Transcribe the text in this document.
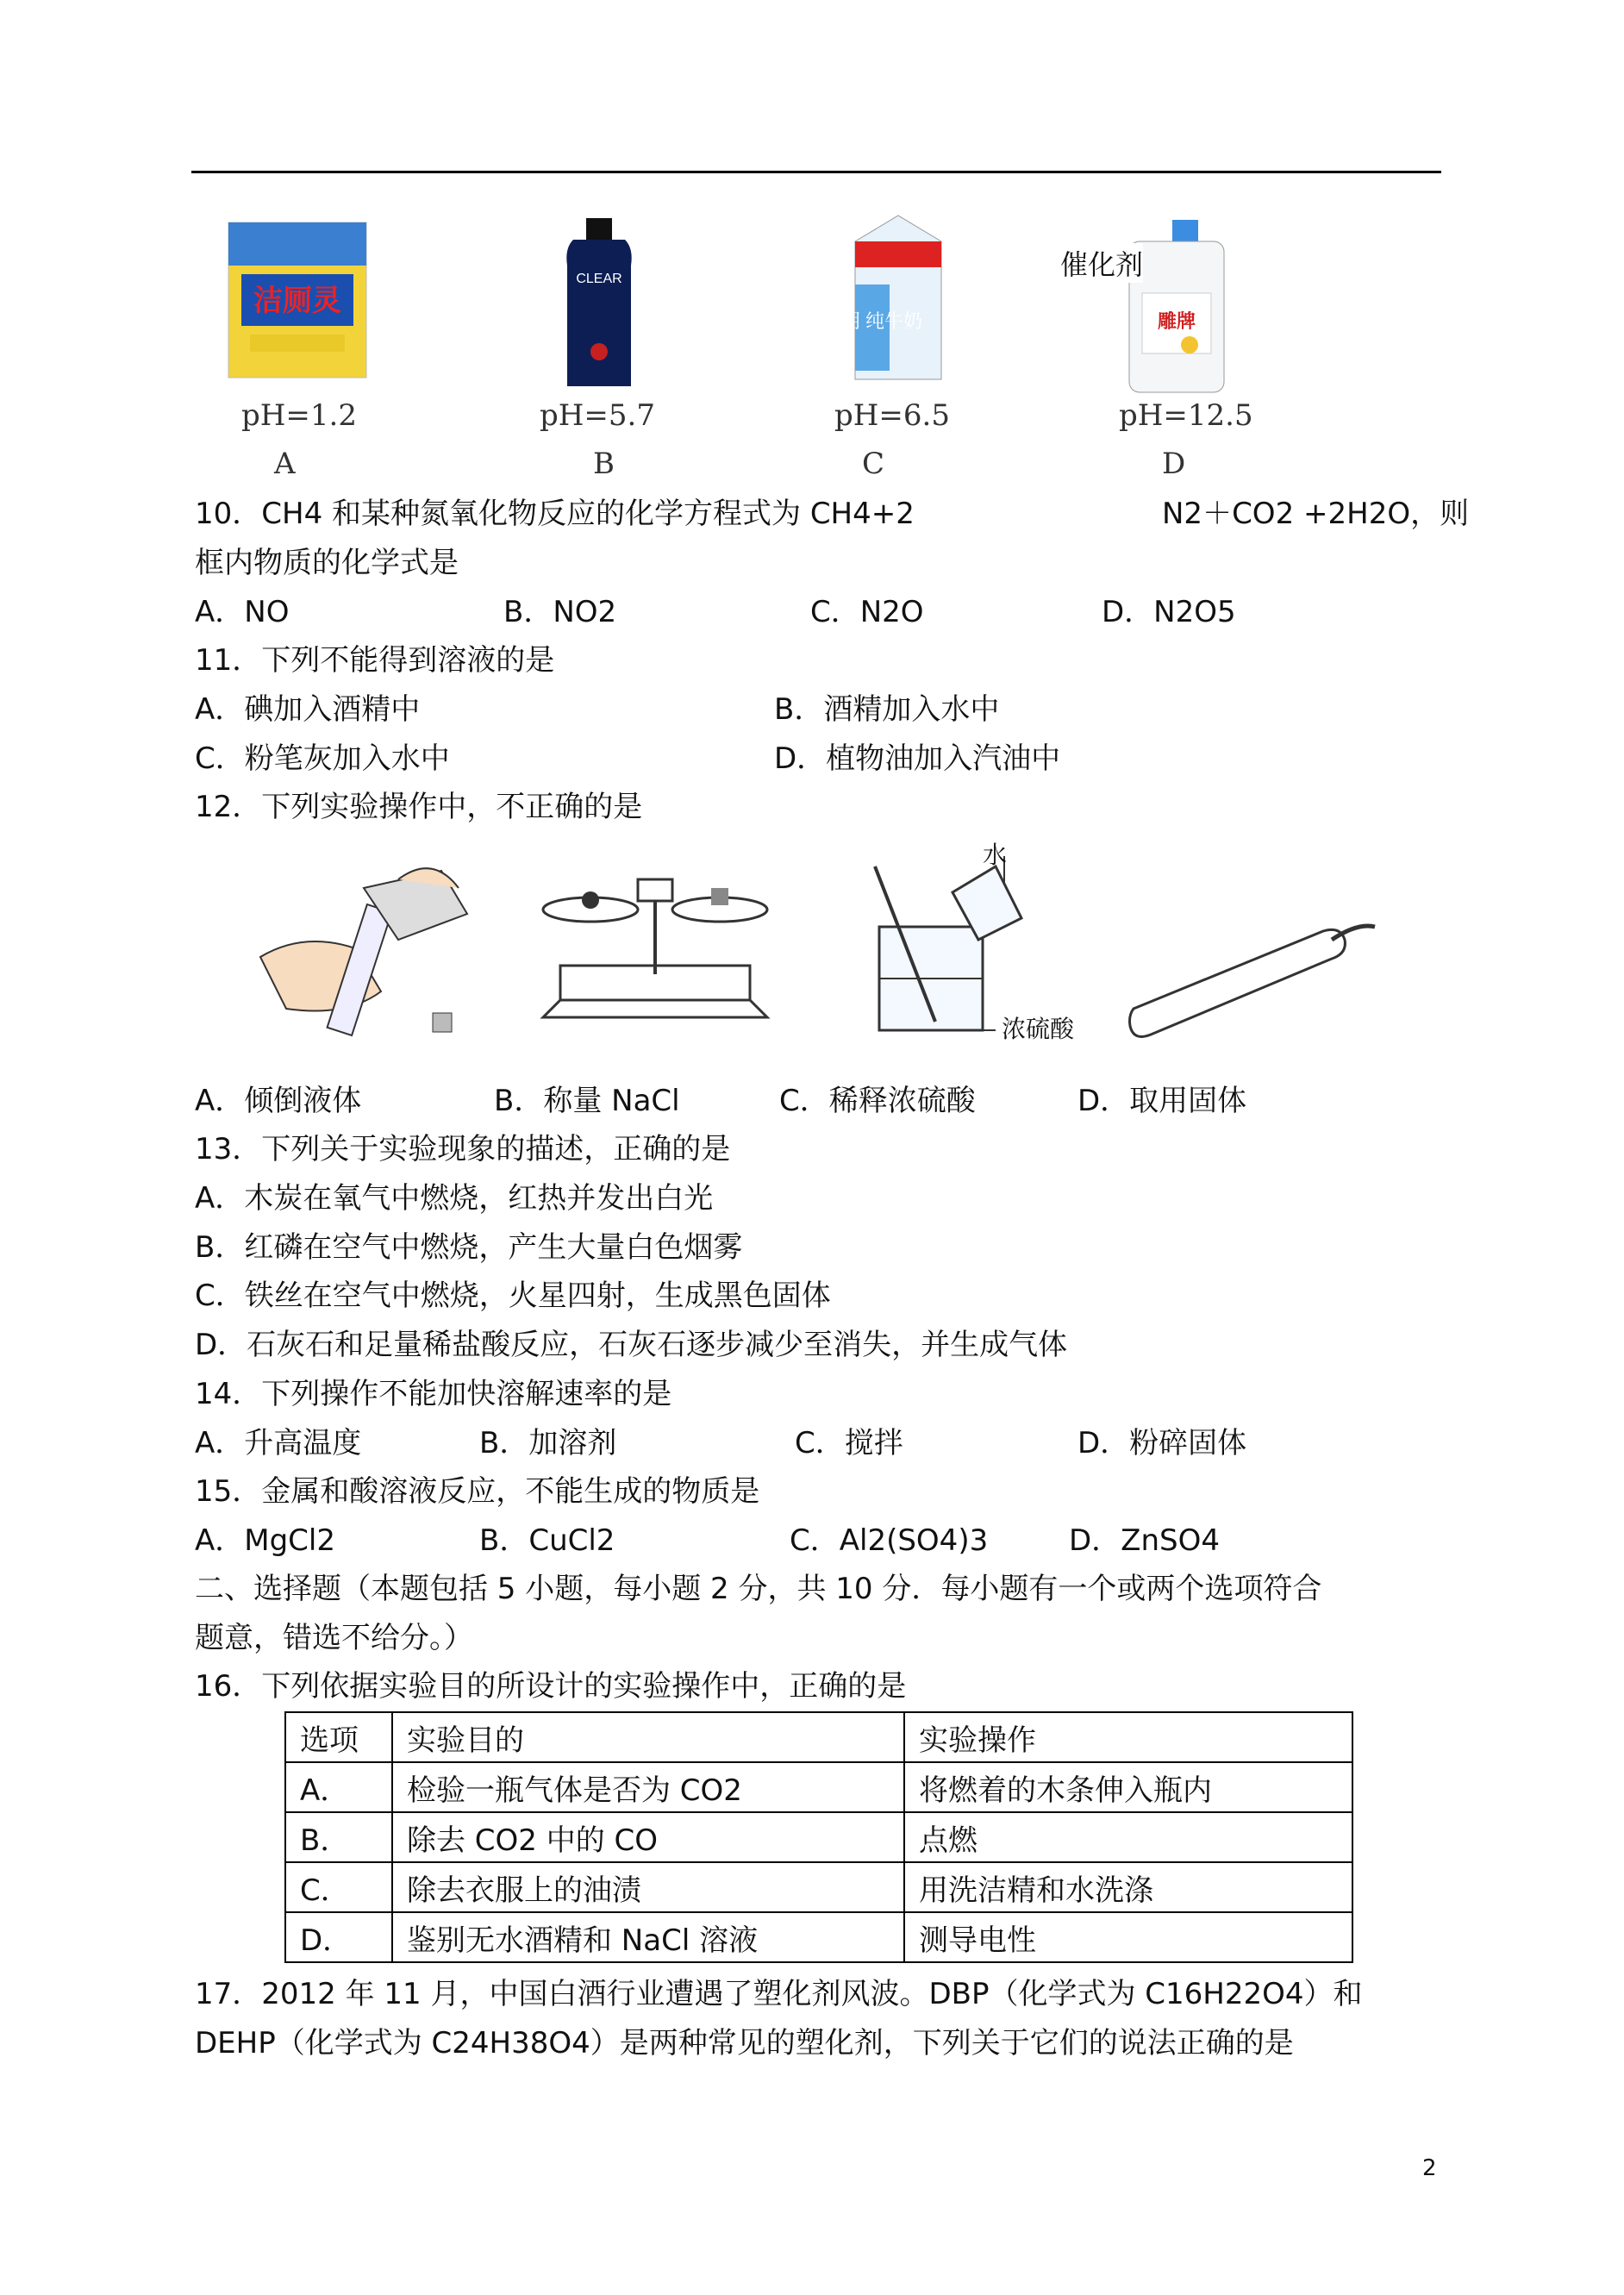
洁厕灵
CLEAR
光明 纯牛奶	雕牌
催化剂
pH=1.2	pH=5.7	pH=6.5	pH=12.5
A	B	C	D
10．CH4 和某种氮氧化物反应的化学方程式为 CH4+2	N2＋CO2 +2H2O，则
框内物质的化学式是
A．NO	B．NO2	C．N2O	D．N2O5
11．下列不能得到溶液的是
A．碘加入酒精中	B．酒精加入水中
C．粉笔灰加入水中	D．植物油加入汽油中
12．下列实验操作中，不正确的是
水
浓硫酸
A．倾倒液体	B．称量 NaCl	C．稀释浓硫酸	D．取用固体
13．下列关于实验现象的描述，正确的是
A．木炭在氧气中燃烧，红热并发出白光
B．红磷在空气中燃烧，产生大量白色烟雾
C．铁丝在空气中燃烧，火星四射，生成黑色固体
D．石灰石和足量稀盐酸反应，石灰石逐步减少至消失，并生成气体
14．下列操作不能加快溶解速率的是
A．升高温度	B．加溶剂	C．搅拌	D．粉碎固体
15．金属和酸溶液反应，不能生成的物质是
A．MgCl2	B．CuCl2	C．Al2(SO4)3	D．ZnSO4
二、选择题（本题包括 5 小题，每小题 2 分，共 10 分．每小题有一个或两个选项符合
题意，错选不给分。）
16．下列依据实验目的所设计的实验操作中，正确的是
选项	实验目的	实验操作
A．	检验一瓶气体是否为 CO2	将燃着的木条伸入瓶内
B．	除去 CO2 中的 CO	点燃
C．	除去衣服上的油渍	用洗洁精和水洗涤
D．	鉴别无水酒精和 NaCl 溶液	测导电性
17．2012 年 11 月，中国白酒行业遭遇了塑化剂风波。DBP（化学式为 C16H22O4）和
DEHP（化学式为 C24H38O4）是两种常见的塑化剂，下列关于它们的说法正确的是
2
